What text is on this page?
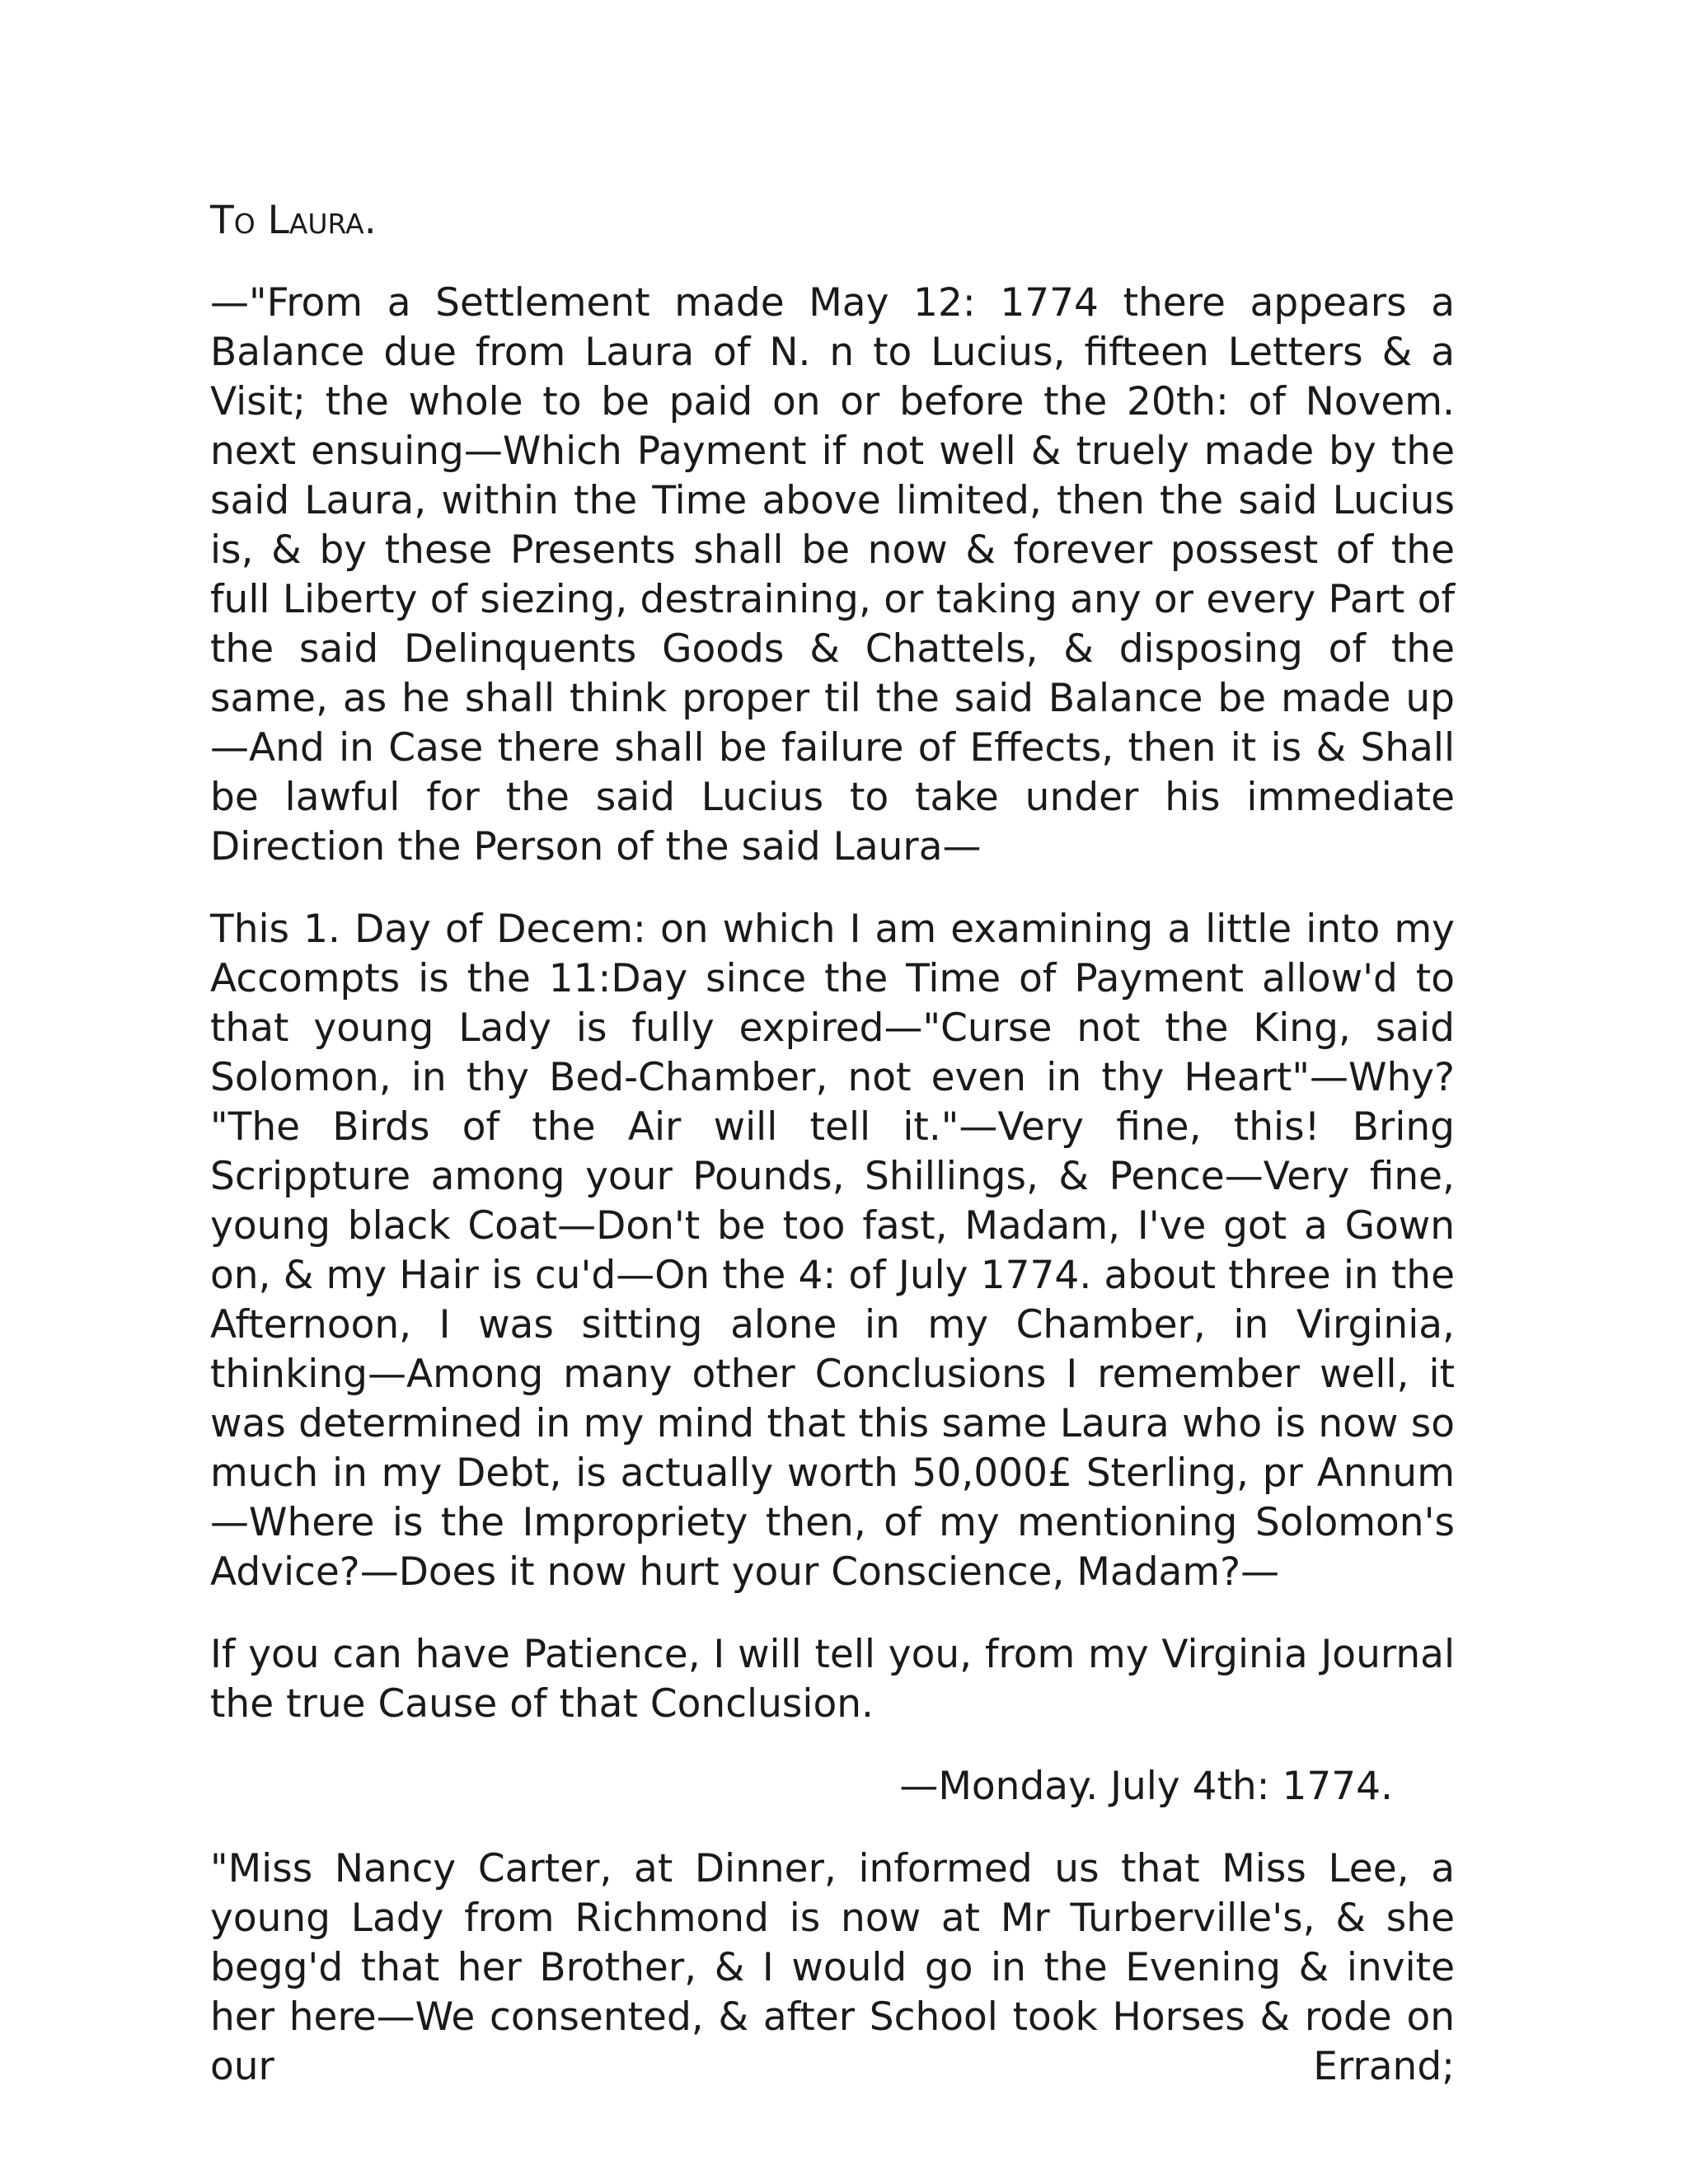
To Laura.

—"From a Settlement made May 12: 1774 there appears a Balance due from Laura of N. n to Lucius, fifteen Letters & a Visit; the whole to be paid on or before the 20th: of Novem. next ensuing—Which Payment if not well & truely made by the said Laura, within the Time above limited, then the said Lucius is, & by these Presents shall be now & forever possest of the full Liberty of siezing, destraining, or taking any or every Part of the said Delinquents Goods & Chattels, & disposing of the same, as he shall think proper til the said Balance be made up—And in Case there shall be failure of Effects, then it is & Shall be lawful for the said Lucius to take under his immediate Direction the Person of the said Laura—

This 1. Day of Decem: on which I am examining a little into my Accompts is the 11:Day since the Time of Payment allow'd to that young Lady is fully expired—"Curse not the King, said Solomon, in thy Bed-Chamber, not even in thy Heart"—Why? "The Birds of the Air will tell it."—Very fine, this! Bring Scrippture among your Pounds, Shillings, & Pence—Very fine, young black Coat—Don't be too fast, Madam, I've got a Gown on, & my Hair is cu'd—On the 4: of July 1774. about three in the Afternoon, I was sitting alone in my Chamber, in Virginia, thinking—Among many other Conclusions I remember well, it was determined in my mind that this same Laura who is now so much in my Debt, is actually worth 50,000£ Sterling, pr Annum—Where is the Impropriety then, of my mentioning Solomon's Advice?—Does it now hurt your Conscience, Madam?—

If you can have Patience, I will tell you, from my Virginia Journal the true Cause of that Conclusion.

—Monday. July 4th: 1774.

"Miss Nancy Carter, at Dinner, informed us that Miss Lee, a young Lady from Richmond is now at Mr Turberville's, & she begg'd that her Brother, & I would go in the Evening & invite her here—We consented, & after School took Horses & rode on our Errand;
